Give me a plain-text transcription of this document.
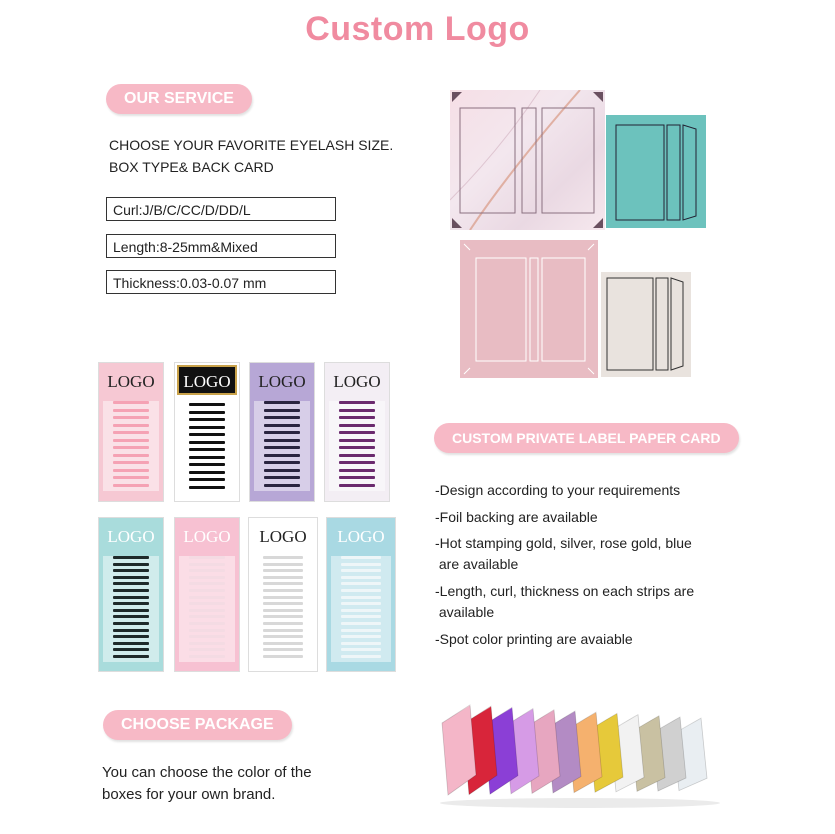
Custom Logo
OUR SERVICE
CHOOSE YOUR FAVORITE EYELASH SIZE.
BOX TYPE& BACK CARD
Curl:J/B/C/CC/D/DD/L
Length:8-25mm&Mixed
Thickness:0.03-0.07 mm
LOGO	LOGO	LOGO	LOGO
LOGO	LOGO	LOGO	LOGO
CUSTOM PRIVATE LABEL PAPER CARD
-Design according to your requirements
-Foil backing are available
-Hot stamping gold, silver, rose gold, blue
are available
-Length, curl, thickness on each strips are
available
-Spot color printing are avaiable
CHOOSE PACKAGE
You can choose the color of the
boxes for your own brand.
